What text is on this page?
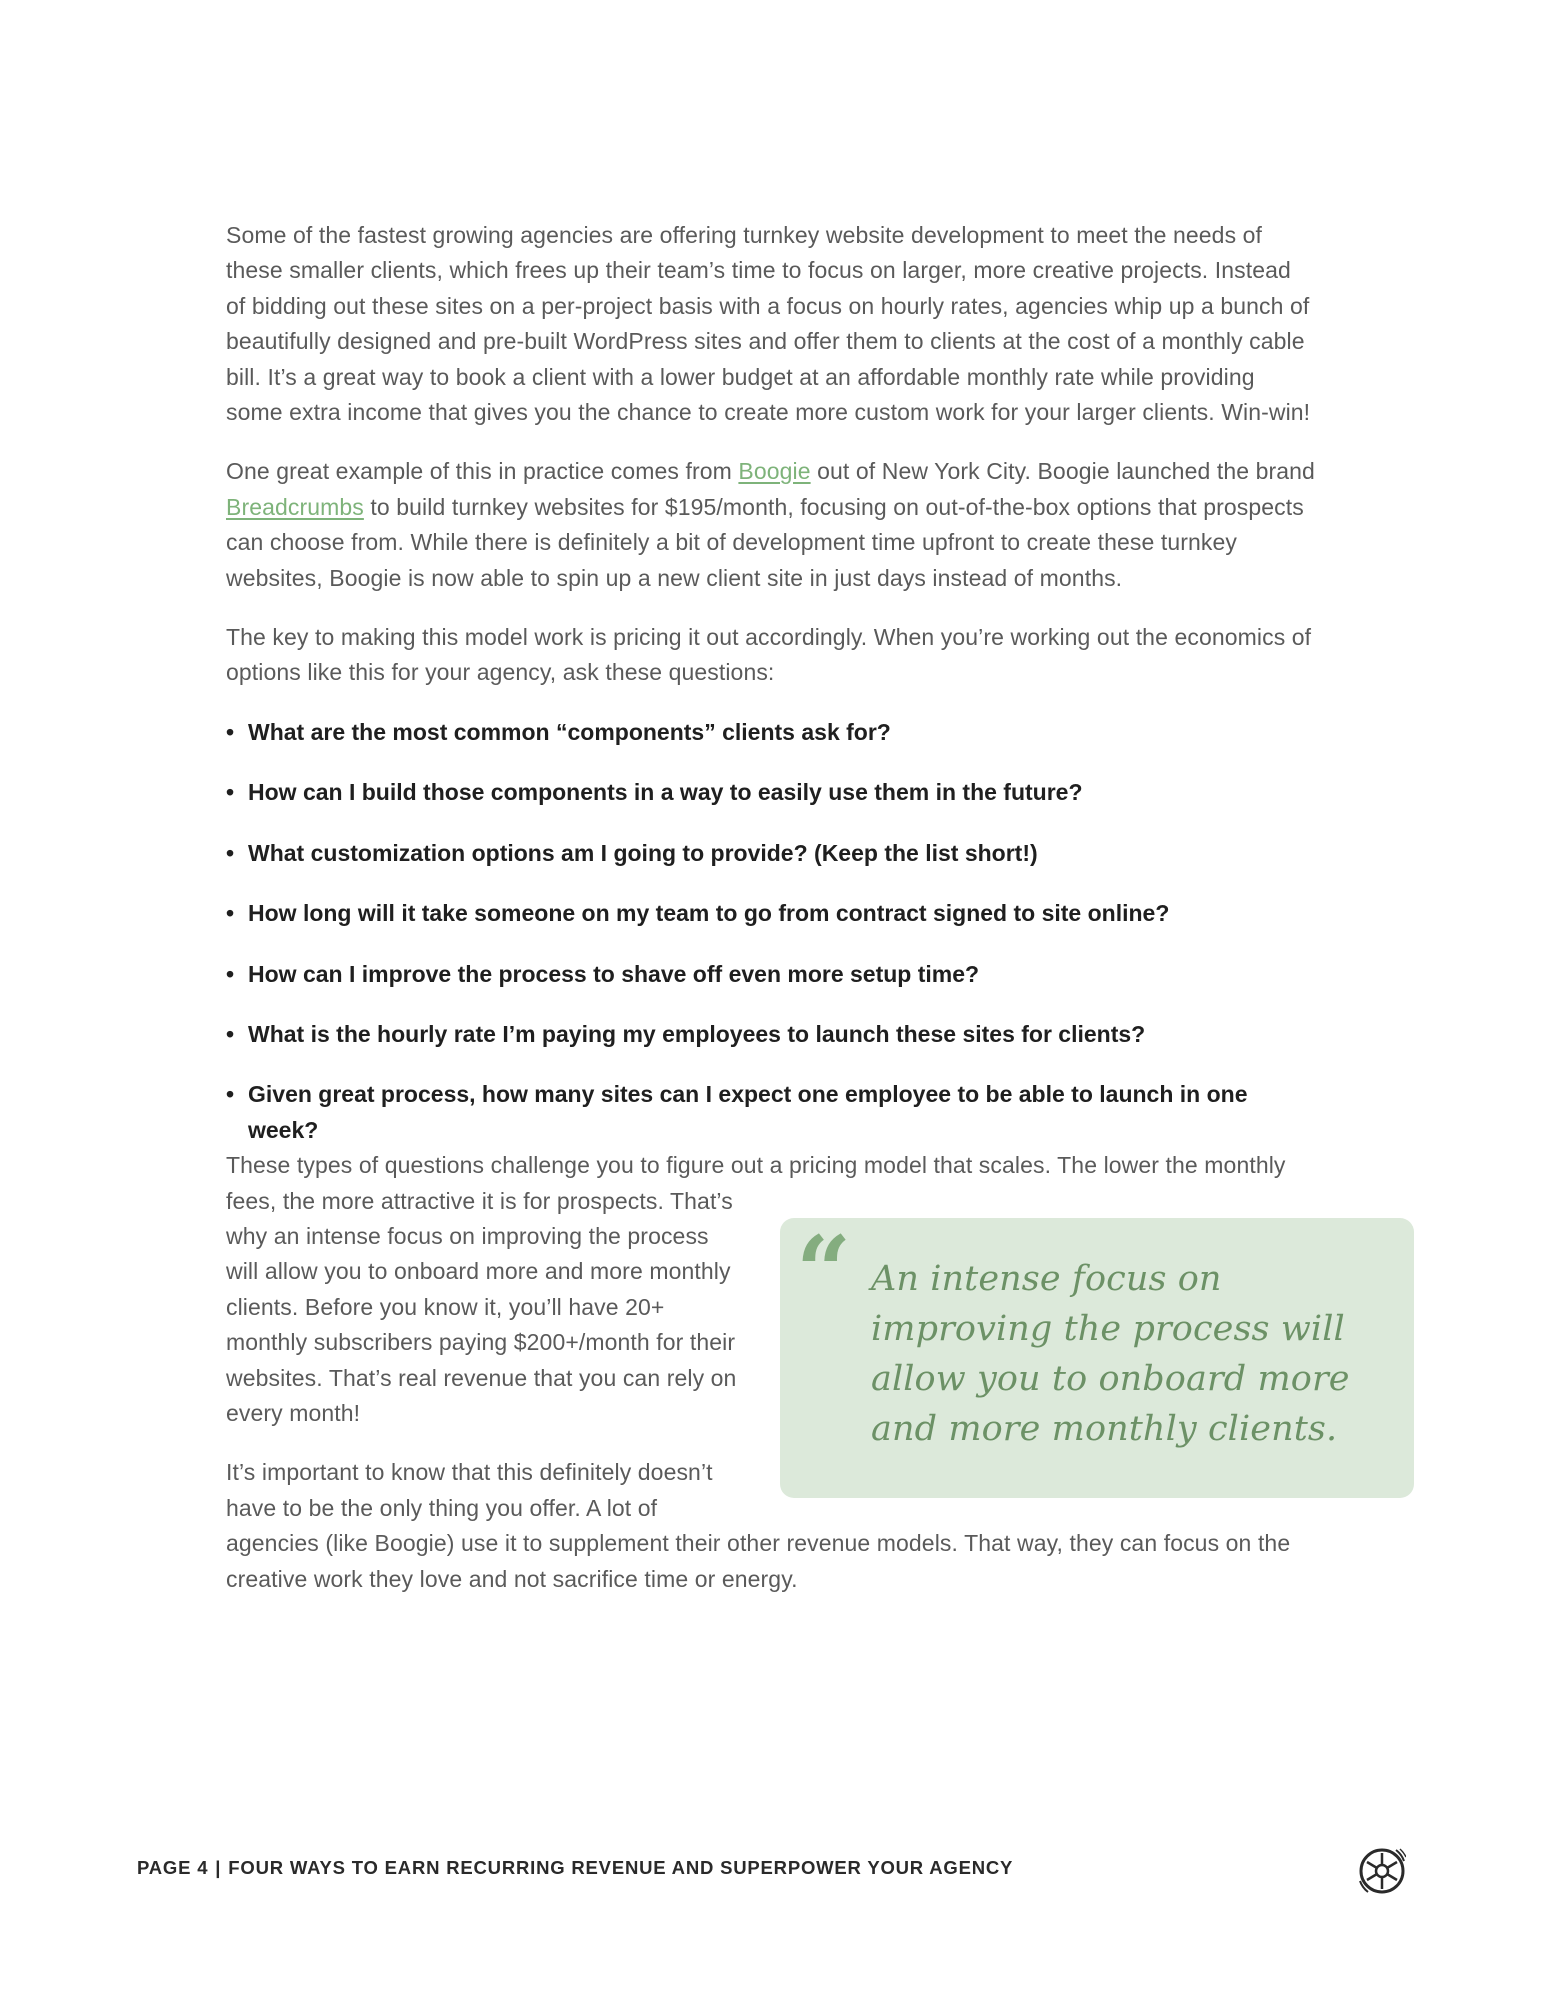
Some of the fastest growing agencies are offering turnkey website development to meet the needs of these smaller clients, which frees up their team’s time to focus on larger, more creative projects. Instead of bidding out these sites on a per-project basis with a focus on hourly rates, agencies whip up a bunch of beautifully designed and pre-built WordPress sites and offer them to clients at the cost of a monthly cable bill. It’s a great way to book a client with a lower budget at an affordable monthly rate while providing some extra income that gives you the chance to create more custom work for your larger clients. Win-win!

One great example of this in practice comes from Boogie out of New York City. Boogie launched the brand Breadcrumbs to build turnkey websites for $195/month, focusing on out-of-the-box options that prospects can choose from. While there is definitely a bit of development time upfront to create these turnkey websites, Boogie is now able to spin up a new client site in just days instead of months.

The key to making this model work is pricing it out accordingly. When you’re working out the economics of options like this for your agency, ask these questions:

• What are the most common “components” clients ask for?
• How can I build those components in a way to easily use them in the future?
• What customization options am I going to provide? (Keep the list short!)
• How long will it take someone on my team to go from contract signed to site online?
• How can I improve the process to shave off even more setup time?
• What is the hourly rate I’m paying my employees to launch these sites for clients?
• Given great process, how many sites can I expect one employee to be able to launch in one week?

“ An intense focus on improving the process will allow you to onboard more and more monthly clients.
These types of questions challenge you to figure out a pricing model that scales. The lower the monthly fees, the more attractive it is for prospects. That’s why an intense focus on improving the process will allow you to onboard more and more monthly clients. Before you know it, you’ll have 20+ monthly subscribers paying $200+/month for their websites. That’s real revenue that you can rely on every month!

It’s important to know that this definitely doesn’t have to be the only thing you offer. A lot of agencies (like Boogie) use it to supplement their other revenue models. That way, they can focus on the creative work they love and not sacrifice time or energy.

PAGE 4 | FOUR WAYS TO EARN RECURRING REVENUE AND SUPERPOWER YOUR AGENCY
